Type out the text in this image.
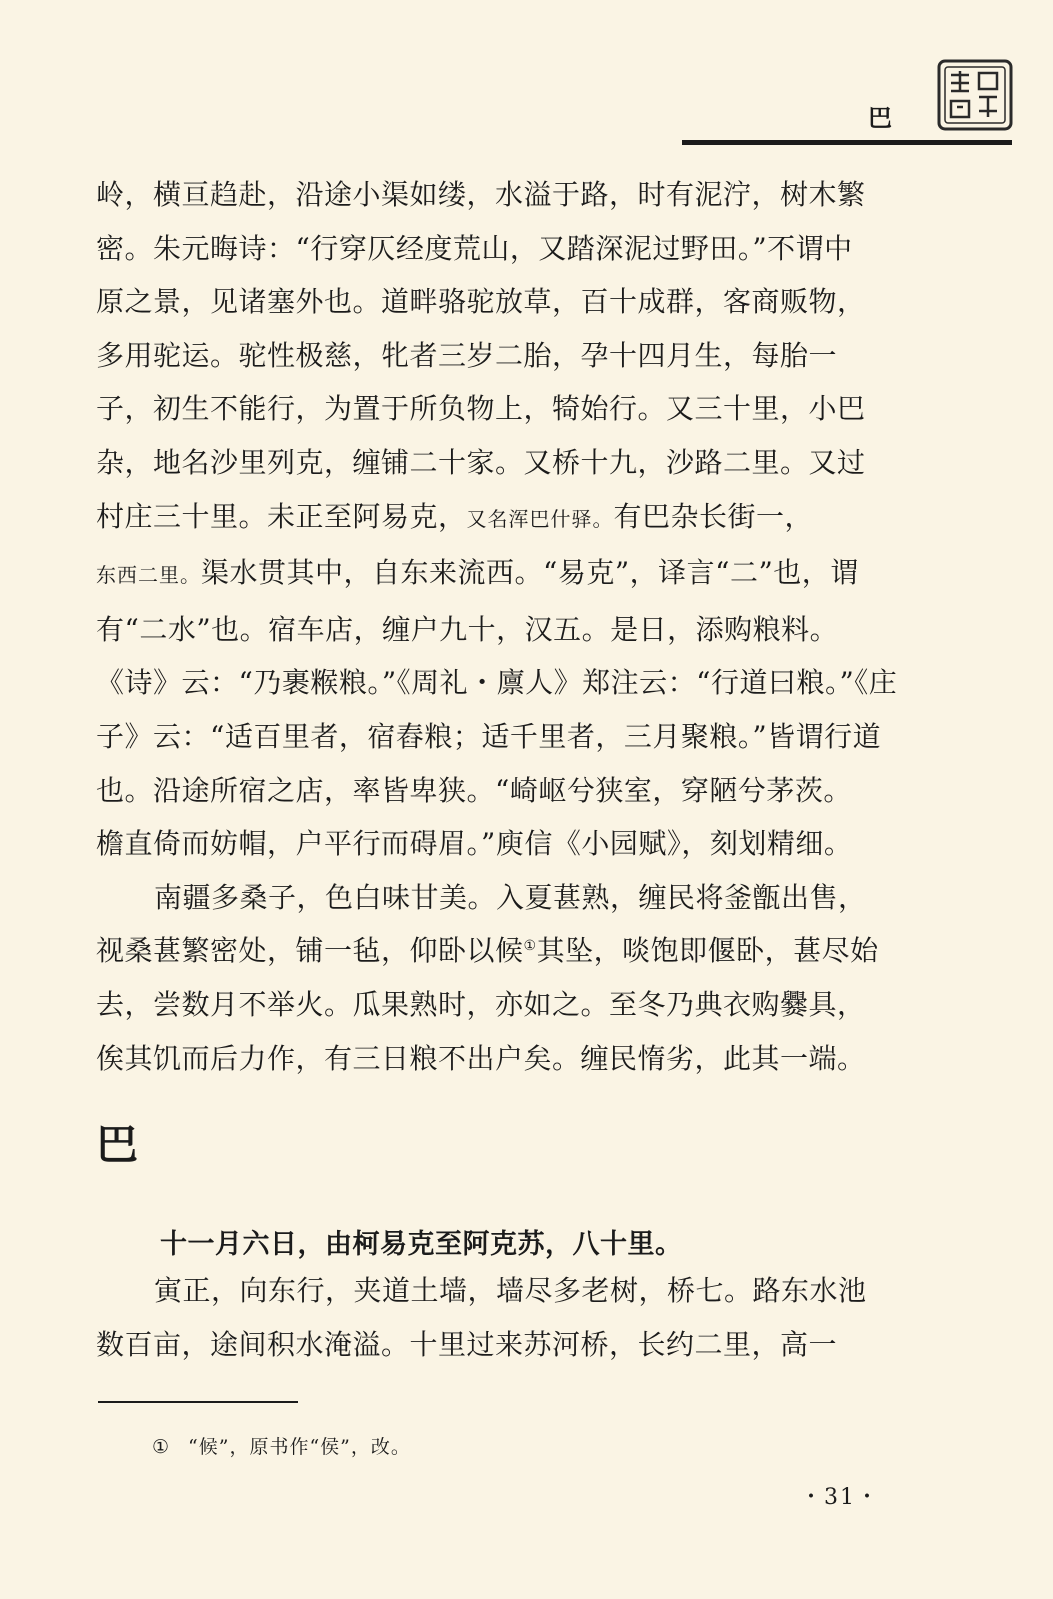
巴

岭，横亘趋赴，沿途小渠如缕，水溢于路，时有泥泞，树木繁
密。朱元晦诗：“行穿仄经度荒山，又踏深泥过野田。”不谓中
原之景，见诸塞外也。道畔骆驼放草，百十成群，客商贩物，
多用驼运。驼性极慈，牝者三岁二胎，孕十四月生，每胎一
子，初生不能行，为置于所负物上，犄始行。又三十里，小巴
杂，地名沙里列克，缠铺二十家。又桥十九，沙路二里。又过
村庄三十里。未正至阿易克，又名浑巴什驿。有巴杂长街一，
东西二里。渠水贯其中，自东来流西。“易克”，译言“二”也，谓
有“二水”也。宿车店，缠户九十，汉五。是日，添购粮料。
《诗》云：“乃裹糇粮。”《周礼・廪人》郑注云：“行道曰粮。”《庄
子》云：“适百里者，宿舂粮；适千里者，三月聚粮。”皆谓行道
也。沿途所宿之店，率皆卑狭。“崎岖兮狭室，穿陋兮茅茨。
檐直倚而妨帽，户平行而碍眉。”庾信《小园赋》，刻划精细。

南疆多桑子，色白味甘美。入夏葚熟，缠民将釜甑出售，
视桑葚繁密处，铺一毡，仰卧以候①其坠，啖饱即偃卧，葚尽始
去，尝数月不举火。瓜果熟时，亦如之。至冬乃典衣购爨具，
俟其饥而后力作，有三日粮不出户矣。缠民惰劣，此其一端。

巴
十一月六日，由柯易克至阿克苏，八十里。
寅正，向东行，夹道土墙，墙尽多老树，桥七。路东水池
数百亩，途间积水淹溢。十里过来苏河桥，长约二里，高一
① “候”，原书作“侯”，改。
・31・
